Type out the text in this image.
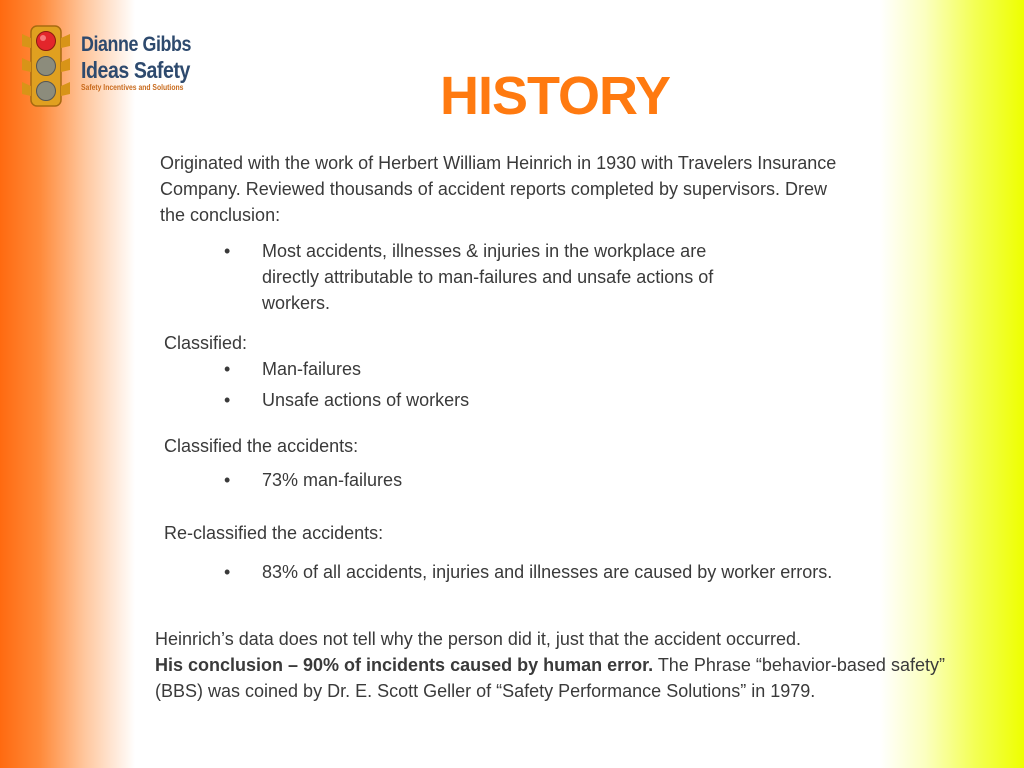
Dianne Gibbs
Ideas Safety
Safety Incentives and Solutions	HISTORY

Originated with the work of Herbert William Heinrich in 1930 with Travelers Insurance Company. Reviewed thousands of accident reports completed by supervisors. Drew the conclusion:

•	Most accidents, illnesses & injuries in the workplace are directly attributable to man-failures and unsafe actions of workers.

Classified:

•	Man-failures
•	Unsafe actions of workers

Classified the accidents:

•	73% man-failures

Re-classified the accidents:

•	83% of all accidents, injuries and illnesses are caused by worker errors.

Heinrich’s data does not tell why the person did it, just that the accident occurred.
His conclusion – 90% of incidents caused by human error. The Phrase “behavior-based safety” (BBS) was coined by Dr. E. Scott Geller of “Safety Performance Solutions” in 1979.
